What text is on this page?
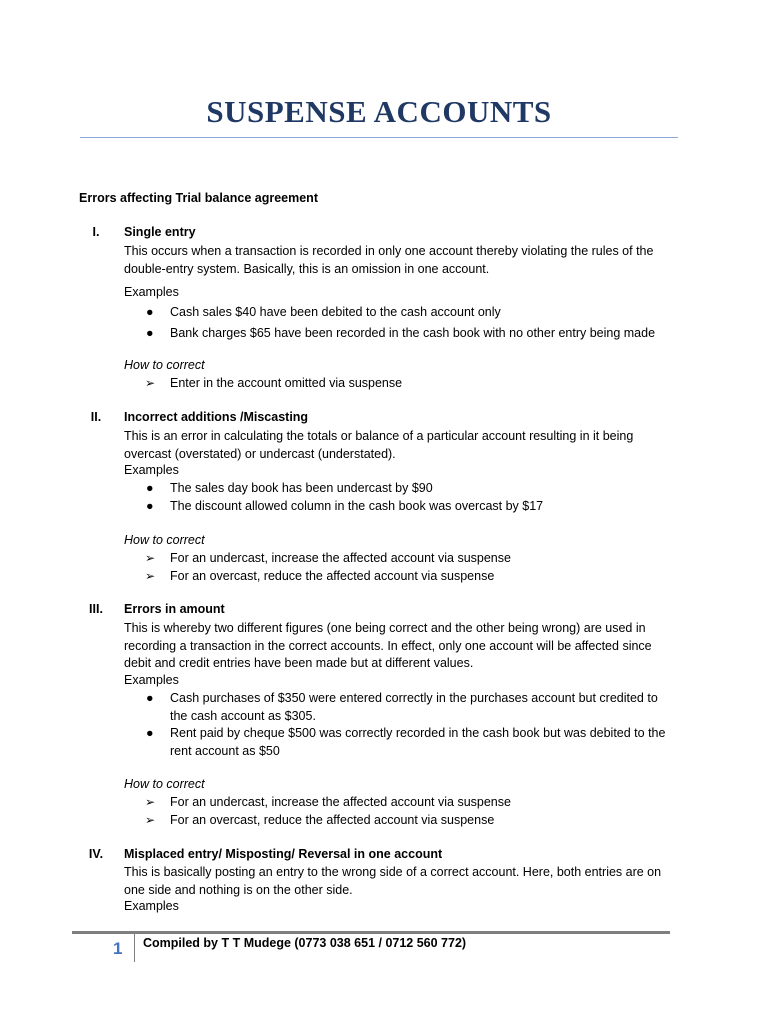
SUSPENSE ACCOUNTS
Errors affecting Trial balance agreement
I.	Single entry

This occurs when a transaction is recorded in only one account thereby violating the rules of the double-entry system. Basically, this is an omission in one account.

Examples
● Cash sales $40 have been debited to the cash account only
● Bank charges $65 have been recorded in the cash book with no other entry being made
How to correct
➢	Enter in the account omitted via suspense
II.	Incorrect additions /Miscasting

This is an error in calculating the totals or balance of a particular account resulting in it being overcast (overstated) or undercast (understated).

Examples
● The sales day book has been undercast by $90
● The discount allowed column in the cash book was overcast by $17
How to correct
➢	For an undercast, increase the affected account via suspense
➢	For an overcast, reduce the affected account via suspense
III.	Errors in amount

This is whereby two different figures (one being correct and the other being wrong) are used in recording a transaction in the correct accounts. In effect, only one account will be affected since debit and credit entries have been made but at different values.

Examples
● Cash purchases of $350 were entered correctly in the purchases account but credited to the cash account as $305.
● Rent paid by cheque $500 was correctly recorded in the cash book but was debited to the rent account as $50
How to correct
➢	For an undercast, increase the affected account via suspense
➢	For an overcast, reduce the affected account via suspense
IV.	Misplaced entry/ Misposting/ Reversal in one account

This is basically posting an entry to the wrong side of a correct account. Here, both entries are on one side and nothing is on the other side.

Examples
1 Compiled by T T Mudege (0773 038 651 / 0712 560 772)
